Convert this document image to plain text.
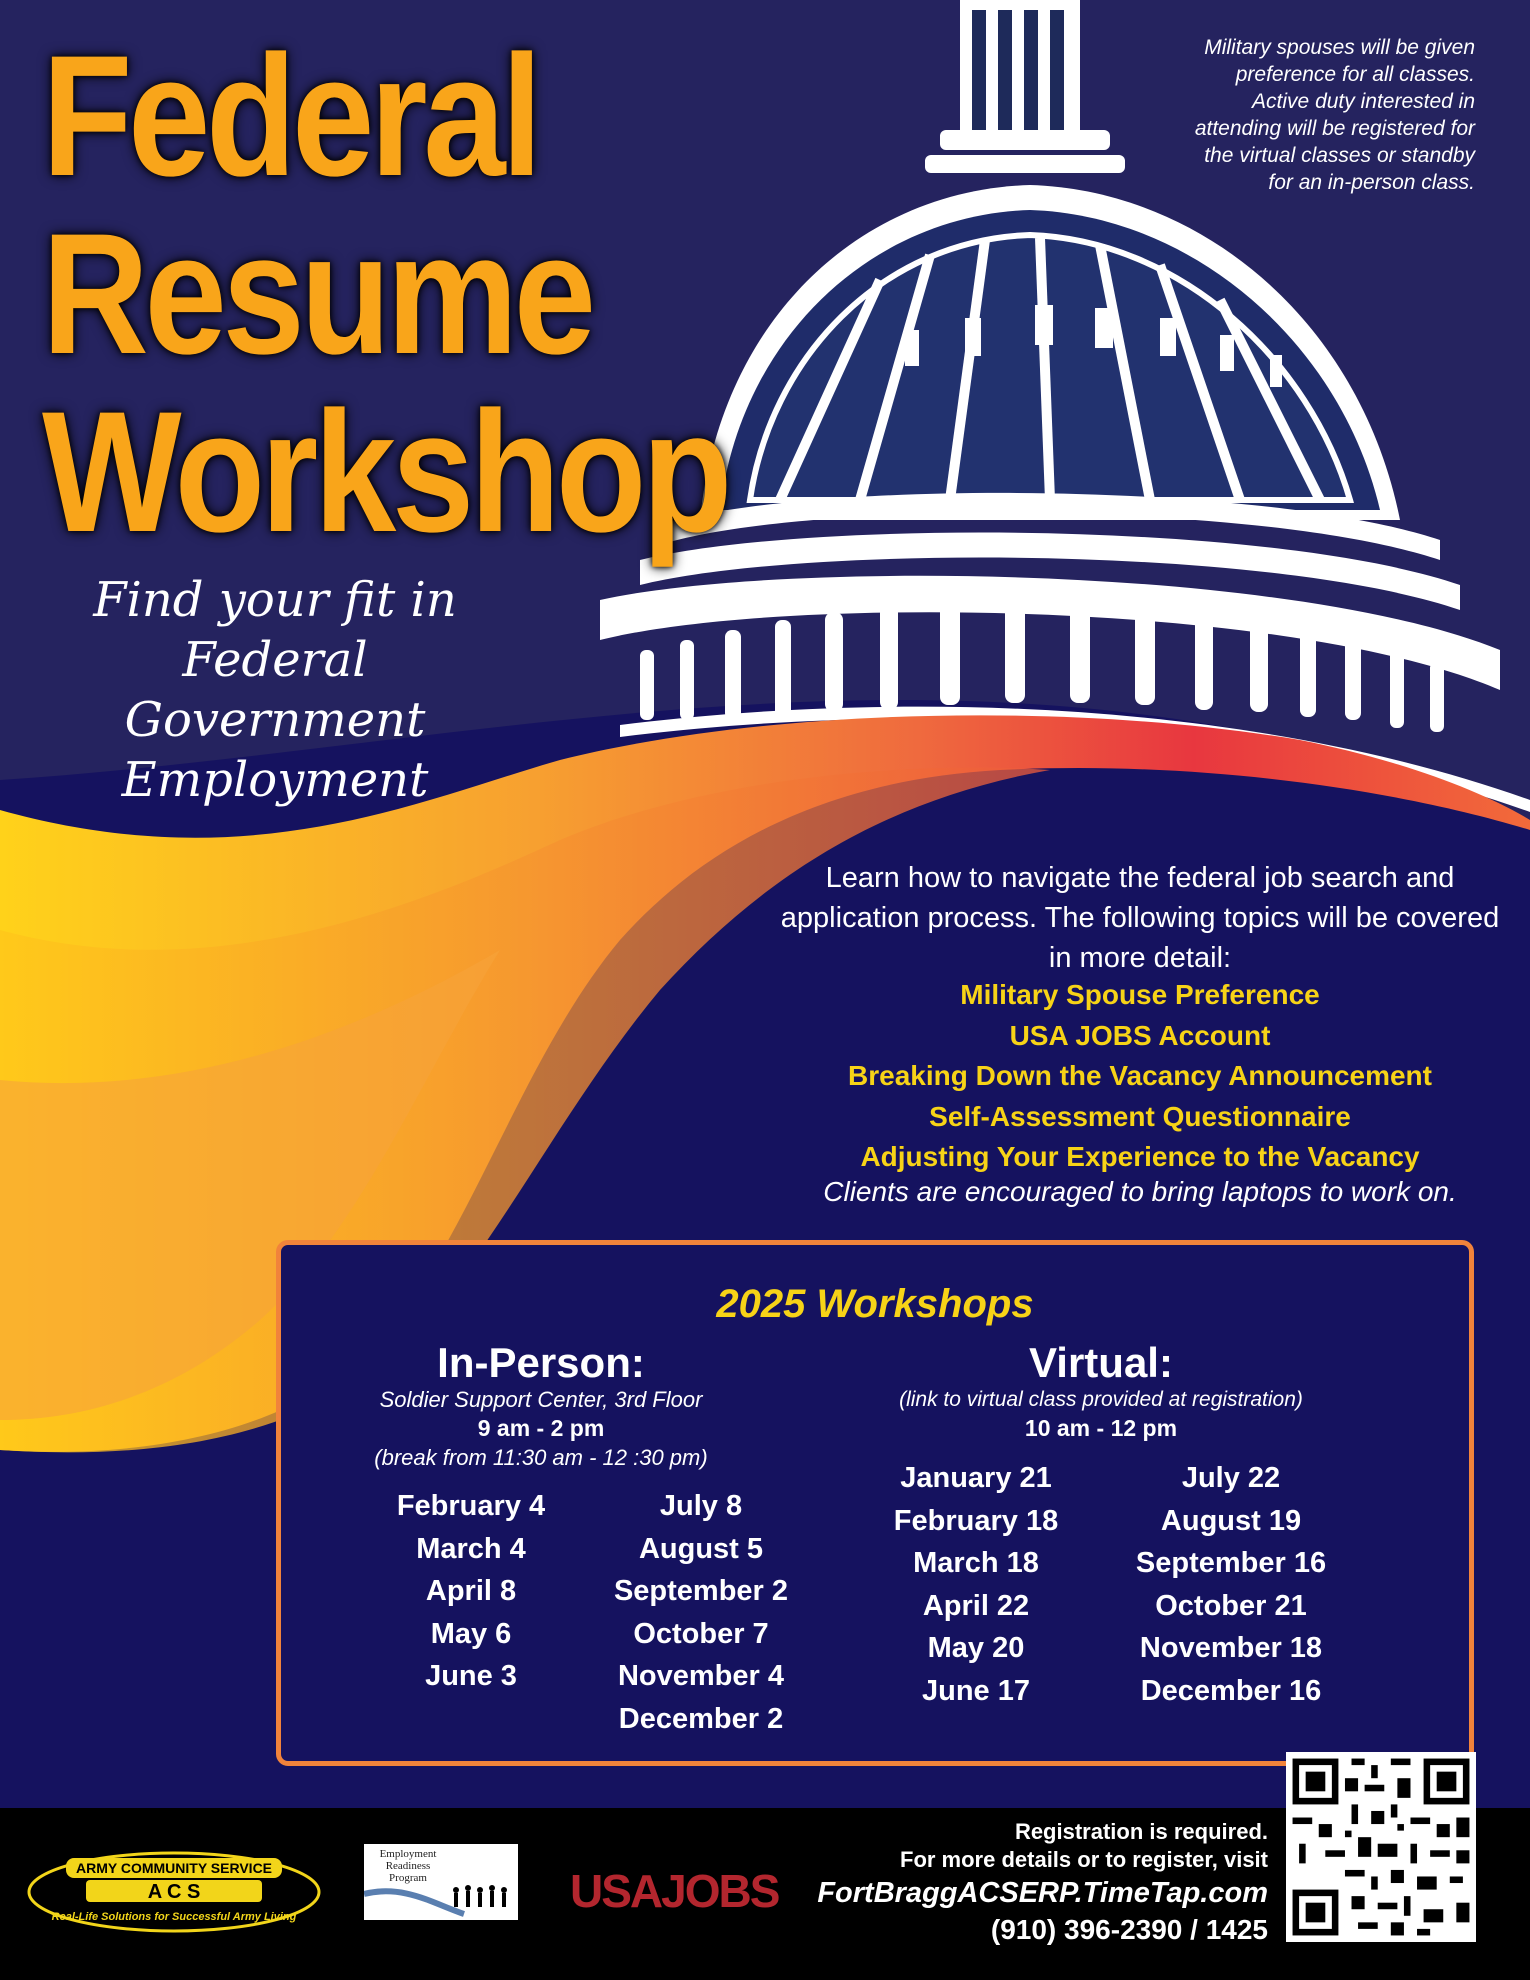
Federal
Resume
Workshop
Find your fit in Federal Government Employment
Military spouses will be given preference for all classes. Active duty interested in attending will be registered for the virtual classes or standby for an in-person class.
Learn how to navigate the federal job search and application process. The following topics will be covered in more detail:
Military Spouse Preference
USA JOBS Account
Breaking Down the Vacancy Announcement
Self-Assessment Questionnaire
Adjusting Your Experience to the Vacancy
Clients are encouraged to bring laptops to work on.
2025 Workshops
In-Person:
Soldier Support Center, 3rd Floor
9 am - 2 pm
(break from 11:30 am - 12 :30 pm)
February 4
March 4
April 8
May 6
June 3
July 8
August 5
September 2
October 7
November 4
December 2
Virtual:
(link to virtual class provided at registration)
10 am - 12 pm
January 21
February 18
March 18
April 22
May 20
June 17
July 22
August 19
September 16
October 21
November 18
December 16
ARMY COMMUNITY SERVICE
A C S
Real-Life Solutions for Successful Army Living
Employment Readiness Program	USAJOBS
Registration is required.
For more details or to register, visit
FortBraggACSERP.TimeTap.com
(910) 396-2390 / 1425
